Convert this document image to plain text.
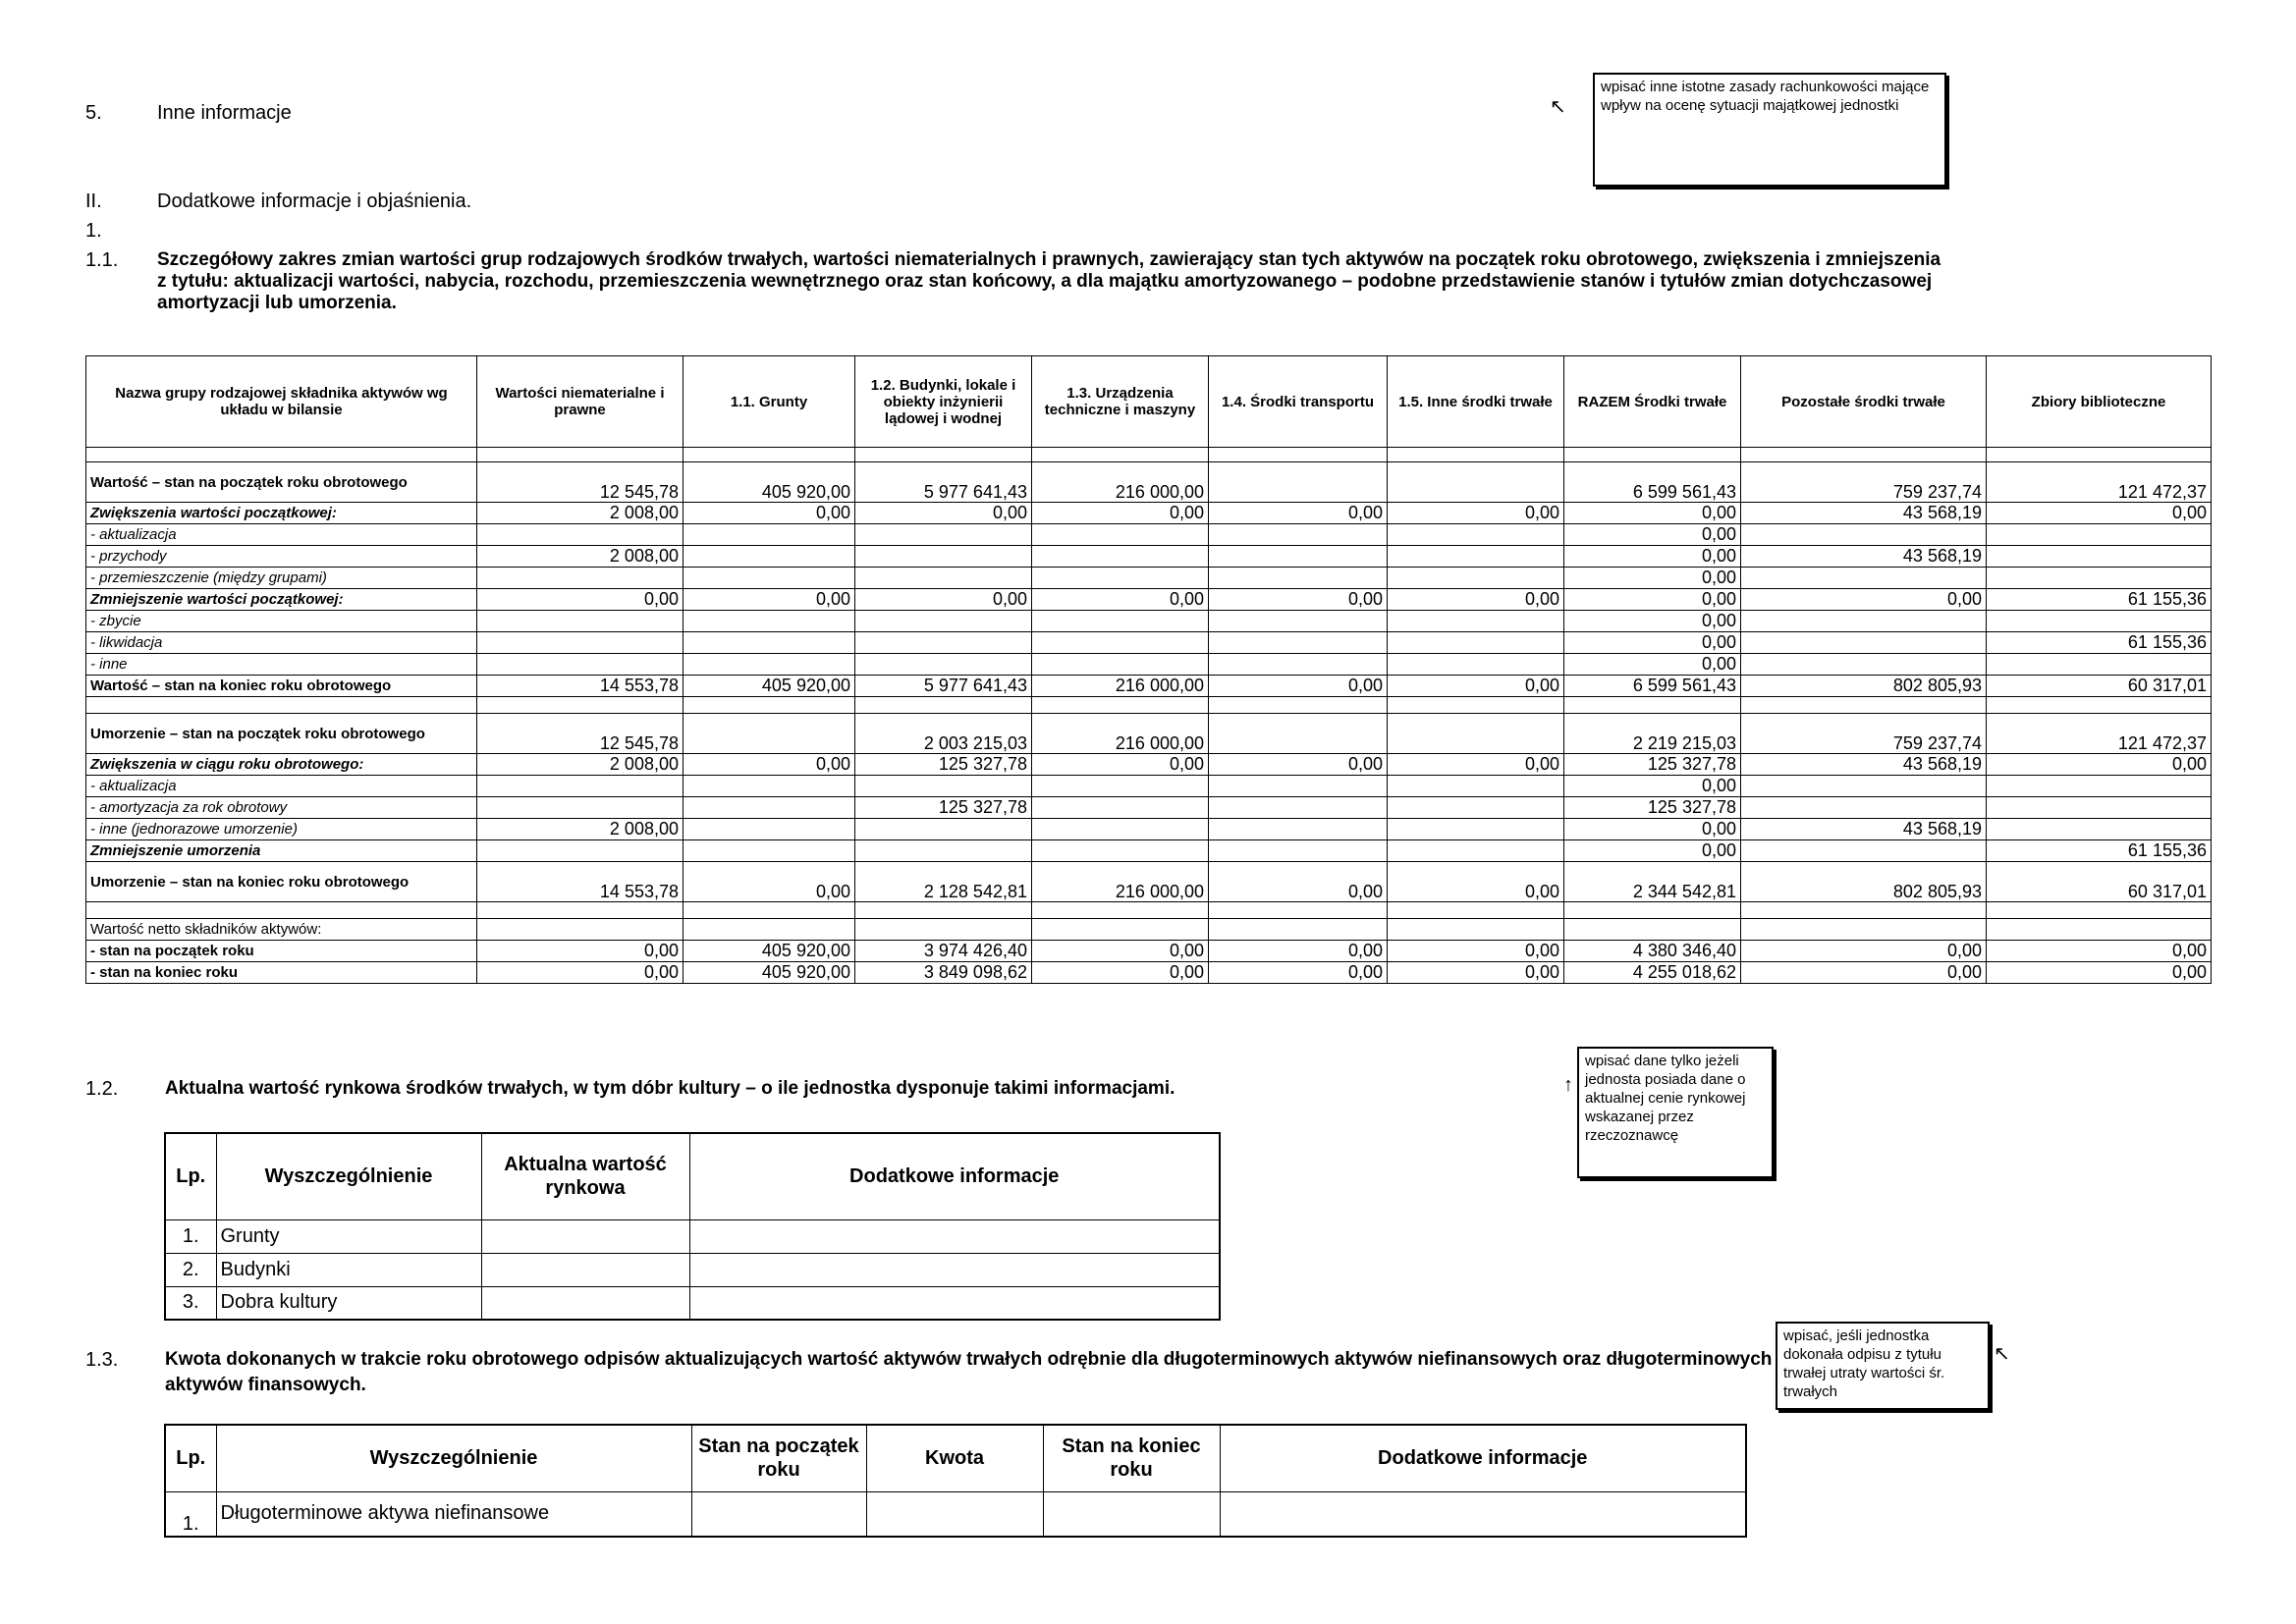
5.	Inne informacje	↖
wpisać inne istotne zasady rachunkowości mające wpływ na ocenę sytuacji majątkowej jednostki
II.	Dodatkowe informacje i objaśnienia.
1.
1.1. Szczegółowy zakres zmian wartości grup rodzajowych środków trwałych, wartości niematerialnych i prawnych, zawierający stan tych aktywów na początek roku obrotowego, zwiększenia i zmniejszenia z tytułu: aktualizacji wartości, nabycia, rozchodu, przemieszczenia wewnętrznego oraz stan końcowy, a dla majątku amortyzowanego – podobne przedstawienie stanów i tytułów zmian dotychczasowej amortyzacji lub umorzenia.
Nazwa grupy rodzajowej składnika aktywów wg układu w bilansie	Wartości niematerialne i prawne	1.1. Grunty	1.2. Budynki, lokale i obiekty inżynierii lądowej i wodnej	1.3. Urządzenia techniczne i maszyny	1.4. Środki transportu	1.5. Inne środki trwałe	RAZEM Środki trwałe	Pozostałe środki trwałe	Zbiory biblioteczne

Wartość – stan na początek roku obrotowego	12 545,78	405 920,00	5 977 641,43	216 000,00			6 599 561,43	759 237,74	121 472,37
Zwiększenia wartości początkowej:	2 008,00	0,00	0,00	0,00	0,00	0,00	0,00	43 568,19	0,00
- aktualizacja							0,00		
- przychody	2 008,00						0,00	43 568,19	
- przemieszczenie (między grupami)							0,00		
Zmniejszenie wartości początkowej:	0,00	0,00	0,00	0,00	0,00	0,00	0,00	0,00	61 155,36
- zbycie							0,00		
- likwidacja							0,00		61 155,36
- inne							0,00		
Wartość – stan na koniec roku obrotowego	14 553,78	405 920,00	5 977 641,43	216 000,00	0,00	0,00	6 599 561,43	802 805,93	60 317,01

Umorzenie – stan na początek roku obrotowego	12 545,78		2 003 215,03	216 000,00			2 219 215,03	759 237,74	121 472,37
Zwiększenia w ciągu roku obrotowego:	2 008,00	0,00	125 327,78	0,00	0,00	0,00	125 327,78	43 568,19	0,00
- aktualizacja							0,00		
- amortyzacja za rok obrotowy			125 327,78				125 327,78		
- inne (jednorazowe umorzenie)	2 008,00						0,00	43 568,19	
Zmniejszenie umorzenia							0,00		61 155,36
Umorzenie – stan na koniec roku obrotowego	14 553,78	0,00	2 128 542,81	216 000,00	0,00	0,00	2 344 542,81	802 805,93	60 317,01

Wartość netto składników aktywów:									
- stan na początek roku	0,00	405 920,00	3 974 426,40	0,00	0,00	0,00	4 380 346,40	0,00	0,00
- stan na koniec roku	0,00	405 920,00	3 849 098,62	0,00	0,00	0,00	4 255 018,62	0,00	0,00
1.2.	Aktualna wartość rynkowa środków trwałych, w tym dóbr kultury – o ile jednostka dysponuje takimi informacjami.	↑
wpisać dane tylko jeżeli jednosta posiada dane o aktualnej cenie rynkowej wskazanej przez rzeczoznawcę
Lp.	Wyszczególnienie	Aktualna wartość rynkowa	Dodatkowe informacje
1.	Grunty		
2.	Budynki		
3.	Dobra kultury		
1.3.	Kwota dokonanych w trakcie roku obrotowego odpisów aktualizujących wartość aktywów trwałych odrębnie dla długoterminowych aktywów niefinansowych oraz długoterminowych aktywów finansowych.
↖
wpisać, jeśli jednostka dokonała odpisu z tytułu trwałej utraty wartości śr. trwałych
Lp.	Wyszczególnienie	Stan na początek roku	Kwota	Stan na koniec roku	Dodatkowe informacje
1.	Długoterminowe aktywa niefinansowe				
